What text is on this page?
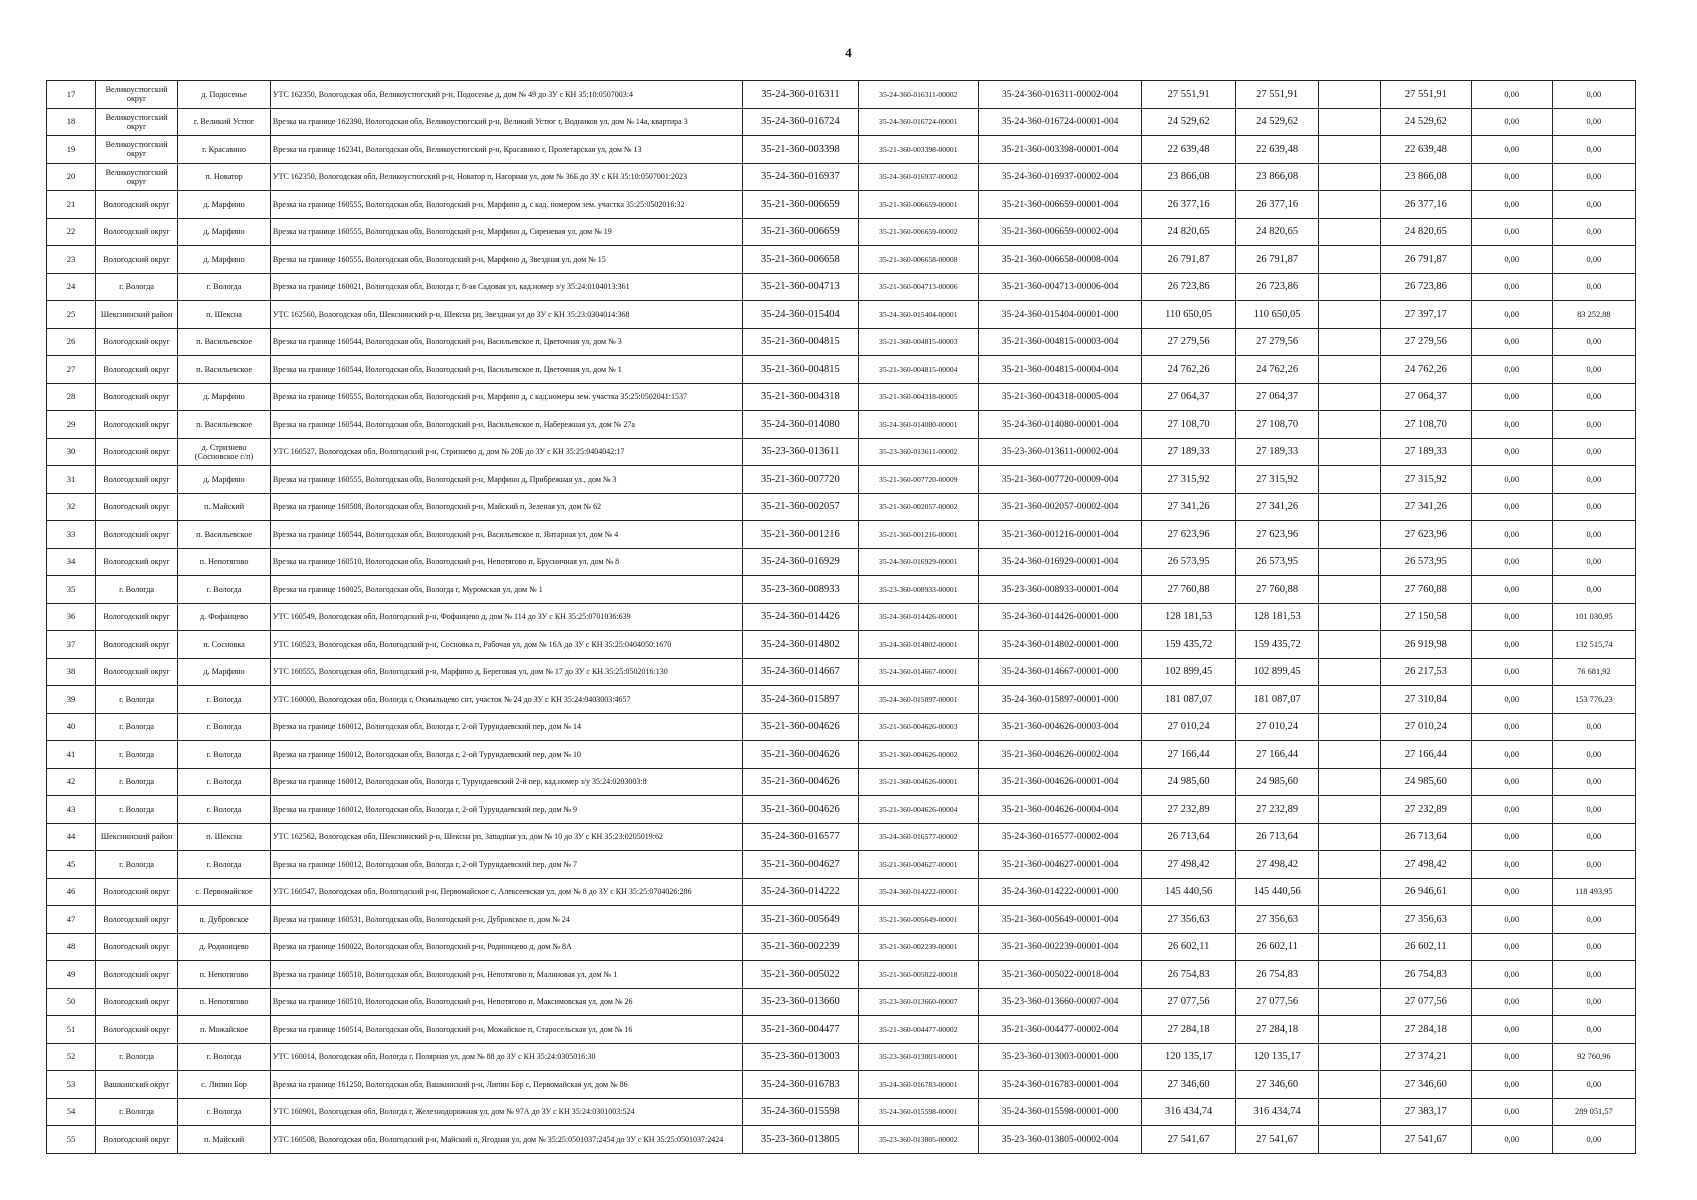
4
17	Великоустюгский округ	д. Подосенье	УТС 162350, Вологодская обл, Великоустюгский р-н, Подосенье д, дом № 49 до ЗУ с КН 35:10:0507003:4	35-24-360-016311	35-24-360-016311-00002	35-24-360-016311-00002-004	27 551,91	27 551,91		27 551,91	0,00	0,00
18	Великоустюгский округ	г. Великий Устюг	Врезка на границе 162390, Вологодская обл, Великоустюгский р-н, Великий Устюг г, Водников ул, дом № 14а, квартира 3	35-24-360-016724	35-24-360-016724-00001	35-24-360-016724-00001-004	24 529,62	24 529,62		24 529,62	0,00	0,00
19	Великоустюгский округ	г. Красавино	Врезка на границе 162341, Вологодская обл, Великоустюгский р-н, Красавино г, Пролетарская ул, дом № 13	35-21-360-003398	35-21-360-003398-00001	35-21-360-003398-00001-004	22 639,48	22 639,48		22 639,48	0,00	0,00
20	Великоустюгский округ	п. Новатор	УТС 162350, Вологодская обл, Великоустюгский р-н, Новатор п, Нагорная ул, дом № 36Б до ЗУ с КН 35:10:0507001:2023	35-24-360-016937	35-24-360-016937-00002	35-24-360-016937-00002-004	23 866,08	23 866,08		23 866,08	0,00	0,00
21	Вологодский округ	д. Марфино	Врезка на границе 160555, Вологодская обл, Вологодский р-н, Марфино д, с кад. номером зем. участка 35:25:0502016:32	35-21-360-006659	35-21-360-006659-00001	35-21-360-006659-00001-004	26 377,16	26 377,16		26 377,16	0,00	0,00
22	Вологодский округ	д. Марфино	Врезка на границе 160555, Вологодская обл, Вологодский р-н, Марфино д, Сиреневая ул, дом № 19	35-21-360-006659	35-21-360-006659-00002	35-21-360-006659-00002-004	24 820,65	24 820,65		24 820,65	0,00	0,00
23	Вологодский округ	д. Марфино	Врезка на границе 160555, Вологодская обл, Вологодский р-н, Марфино д, Звездная ул, дом № 15	35-21-360-006658	35-21-360-006658-00008	35-21-360-006658-00008-004	26 791,87	26 791,87		26 791,87	0,00	0,00
24	г. Вологда	г. Вологда	Врезка на границе 160021, Вологодская обл, Вологда г, 8-ая Садовая ул, кад.номер з/у 35:24:0104013:361	35-21-360-004713	35-21-360-004713-00006	35-21-360-004713-00006-004	26 723,86	26 723,86		26 723,86	0,00	0,00
25	Шекснинский район	п. Шексна	УТС 162560, Вологодская обл, Шекснинский р-н, Шексна рп, Звездная ул до ЗУ с КН 35:23:0304014:368	35-24-360-015404	35-24-360-015404-00001	35-24-360-015404-00001-000	110 650,05	110 650,05		27 397,17	0,00	83 252,88
26	Вологодский округ	п. Васильевское	Врезка на границе 160544, Вологодская обл, Вологодский р-н, Васильевское п, Цветочная ул, дом № 3	35-21-360-004815	35-21-360-004815-00003	35-21-360-004815-00003-004	27 279,56	27 279,56		27 279,56	0,00	0,00
27	Вологодский округ	п. Васильевское	Врезка на границе 160544, Вологодская обл, Вологодский р-н, Васильевское п, Цветочная ул, дом № 1	35-21-360-004815	35-21-360-004815-00004	35-21-360-004815-00004-004	24 762,26	24 762,26		24 762,26	0,00	0,00
28	Вологодский округ	д. Марфино	Врезка на границе 160555, Вологодская обл, Вологодский р-н, Марфино д, с кад.номеры зем. участка 35:25:0502041:1537	35-21-360-004318	35-21-360-004318-00005	35-21-360-004318-00005-004	27 064,37	27 064,37		27 064,37	0,00	0,00
29	Вологодский округ	п. Васильевское	Врезка на границе 160544, Вологодская обл, Вологодский р-н, Васильевское п, Набережная ул, дом № 27а	35-24-360-014080	35-24-360-014080-00001	35-24-360-014080-00001-004	27 108,70	27 108,70		27 108,70	0,00	0,00
30	Вологодский округ	д. Стризнево (Сосновское с/п)	УТС 160527, Вологодская обл, Вологодский р-н, Стризнево д, дом № 20Б до ЗУ с КН 35:25:0404042:17	35-23-360-013611	35-23-360-013611-00002	35-23-360-013611-00002-004	27 189,33	27 189,33		27 189,33	0,00	0,00
31	Вологодский округ	д. Марфино	Врезка на границе 160555, Вологодская обл, Вологодский р-н, Марфино д, Прибрежная ул., дом № 3	35-21-360-007720	35-21-360-007720-00009	35-21-360-007720-00009-004	27 315,92	27 315,92		27 315,92	0,00	0,00
32	Вологодский округ	п. Майский	Врезка на границе 160508, Вологодская обл, Вологодский р-н, Майский п, Зеленая ул, дом № 62	35-21-360-002057	35-21-360-002057-00002	35-21-360-002057-00002-004	27 341,26	27 341,26		27 341,26	0,00	0,00
33	Вологодский округ	п. Васильевское	Врезка на границе 160544, Вологодская обл, Вологодский р-н, Васильевское п, Янтарная ул, дом № 4	35-21-360-001216	35-21-360-001216-00001	35-21-360-001216-00001-004	27 623,96	27 623,96		27 623,96	0,00	0,00
34	Вологодский округ	п. Непотягово	Врезка на границе 160510, Вологодская обл, Вологодский р-н, Непотягово п, Брусничная ул, дом № 8	35-24-360-016929	35-24-360-016929-00001	35-24-360-016929-00001-004	26 573,95	26 573,95		26 573,95	0,00	0,00
35	г. Вологда	г. Вологда	Врезка на границе 160025, Вологодская обл, Вологда г, Муромская ул, дом № 1	35-23-360-008933	35-23-360-008933-00001	35-23-360-008933-00001-004	27 760,88	27 760,88		27 760,88	0,00	0,00
36	Вологодский округ	д. Фофанцево	УТС 160549, Вологодская обл, Вологодский р-н, Фофанцево д, дом № 114 до ЗУ с КН 35:25:0701036:639	35-24-360-014426	35-24-360-014426-00001	35-24-360-014426-00001-000	128 181,53	128 181,53		27 150,58	0,00	101 030,95
37	Вологодский округ	п. Сосновка	УТС 160523, Вологодская обл, Вологодский р-н, Сосновка п, Рабочая ул, дом № 16А до ЗУ с КН 35:25:0404050:1670	35-24-360-014802	35-24-360-014802-00001	35-24-360-014802-00001-000	159 435,72	159 435,72		26 919,98	0,00	132 515,74
38	Вологодский округ	д. Марфино	УТС 160555, Вологодская обл, Вологодский р-н, Марфино д, Береговая ул, дом № 17 до ЗУ с КН 35:25:0502016:130	35-24-360-014667	35-24-360-014667-00001	35-24-360-014667-00001-000	102 899,45	102 899,45		26 217,53	0,00	76 681,92
39	г. Вологда	г. Вологда	УТС 160000, Вологодская обл, Вологда г, Охмыльцево снт, участок № 24 до ЗУ с КН 35:24:0403003:4657	35-24-360-015897	35-24-360-015897-00001	35-24-360-015897-00001-000	181 087,07	181 087,07		27 310,84	0,00	153 776,23
40	г. Вологда	г. Вологда	Врезка на границе 160012, Вологодская обл, Вологда г, 2-ой Турундаевский пер, дом № 14	35-21-360-004626	35-21-360-004626-00003	35-21-360-004626-00003-004	27 010,24	27 010,24		27 010,24	0,00	0,00
41	г. Вологда	г. Вологда	Врезка на границе 160012, Вологодская обл, Вологда г, 2-ой Турундаевский пер, дом № 10	35-21-360-004626	35-21-360-004626-00002	35-21-360-004626-00002-004	27 166,44	27 166,44		27 166,44	0,00	0,00
42	г. Вологда	г. Вологда	Врезка на границе 160012, Вологодская обл, Вологда г, Турундаевский 2-й пер, кад.номер з/у 35:24:0203003:8	35-21-360-004626	35-21-360-004626-00001	35-21-360-004626-00001-004	24 985,60	24 985,60		24 985,60	0,00	0,00
43	г. Вологда	г. Вологда	Врезка на границе 160012, Вологодская обл, Вологда г, 2-ой Турундаевский пер, дом № 9	35-21-360-004626	35-21-360-004626-00004	35-21-360-004626-00004-004	27 232,89	27 232,89		27 232,89	0,00	0,00
44	Шекснинский район	п. Шексна	УТС 162562, Вологодская обл, Шекснинский р-н, Шексна рп, Западная ул, дом № 10 до ЗУ с КН 35:23:0205019:62	35-24-360-016577	35-24-360-016577-00002	35-24-360-016577-00002-004	26 713,64	26 713,64		26 713,64	0,00	0,00
45	г. Вологда	г. Вологда	Врезка на границе 160012, Вологодская обл, Вологда г, 2-ой Турундаевский пер, дом № 7	35-21-360-004627	35-21-360-004627-00001	35-21-360-004627-00001-004	27 498,42	27 498,42		27 498,42	0,00	0,00
46	Вологодский округ	с. Первомайское	УТС 160547, Вологодская обл, Вологодский р-н, Первомайское с, Алексеевская ул, дом № 8 до ЗУ с КН 35:25:0704026:286	35-24-360-014222	35-24-360-014222-00001	35-24-360-014222-00001-000	145 440,56	145 440,56		26 946,61	0,00	118 493,95
47	Вологодский округ	п. Дубровское	Врезка на границе 160531, Вологодская обл, Вологодский р-н, Дубровское п, дом № 24	35-21-360-005649	35-21-360-005649-00001	35-21-360-005649-00001-004	27 356,63	27 356,63		27 356,63	0,00	0,00
48	Вологодский округ	д. Родионцево	Врезка на границе 160022, Вологодская обл, Вологодский р-н, Родионцево д, дом № 8А	35-21-360-002239	35-21-360-002239-00001	35-21-360-002239-00001-004	26 602,11	26 602,11		26 602,11	0,00	0,00
49	Вологодский округ	п. Непотягово	Врезка на границе 160510, Вологодская обл, Вологодский р-н, Непотягово п, Малиновая ул, дом № 1	35-21-360-005022	35-21-360-005022-00018	35-21-360-005022-00018-004	26 754,83	26 754,83		26 754,83	0,00	0,00
50	Вологодский округ	п. Непотягово	Врезка на границе 160510, Вологодская обл, Вологодский р-н, Непотягово п, Максимовская ул, дом № 26	35-23-360-013660	35-23-360-013660-00007	35-23-360-013660-00007-004	27 077,56	27 077,56		27 077,56	0,00	0,00
51	Вологодский округ	п. Можайское	Врезка на границе 160514, Вологодская обл, Вологодский р-н, Можайское п, Старосельская ул, дом № 16	35-21-360-004477	35-21-360-004477-00002	35-21-360-004477-00002-004	27 284,18	27 284,18		27 284,18	0,00	0,00
52	г. Вологда	г. Вологда	УТС 160014, Вологодская обл, Вологда г, Полярная ул, дом № 88 до ЗУ с КН 35:24:0305016:30	35-23-360-013003	35-23-360-013003-00001	35-23-360-013003-00001-000	120 135,17	120 135,17		27 374,21	0,00	92 760,96
53	Вашкинский округ	с. Липин Бор	Врезка на границе 161250, Вологодская обл, Вашкинский р-н, Липин Бор с, Первомайская ул, дом № 86	35-24-360-016783	35-24-360-016783-00001	35-24-360-016783-00001-004	27 346,60	27 346,60		27 346,60	0,00	0,00
54	г. Вологда	г. Вологда	УТС 160901, Вологодская обл, Вологда г, Железнодорожная ул, дом № 97А до ЗУ с КН 35:24:0301003:524	35-24-360-015598	35-24-360-015598-00001	35-24-360-015598-00001-000	316 434,74	316 434,74		27 383,17	0,00	289 051,57
55	Вологодский округ	п. Майский	УТС 160508, Вологодская обл, Вологодский р-н, Майский п, Ягодная ул, дом № 35:25:0501037:2454 до ЗУ с КН 35:25:0501037:2424	35-23-360-013805	35-23-360-013805-00002	35-23-360-013805-00002-004	27 541,67	27 541,67		27 541,67	0,00	0,00
